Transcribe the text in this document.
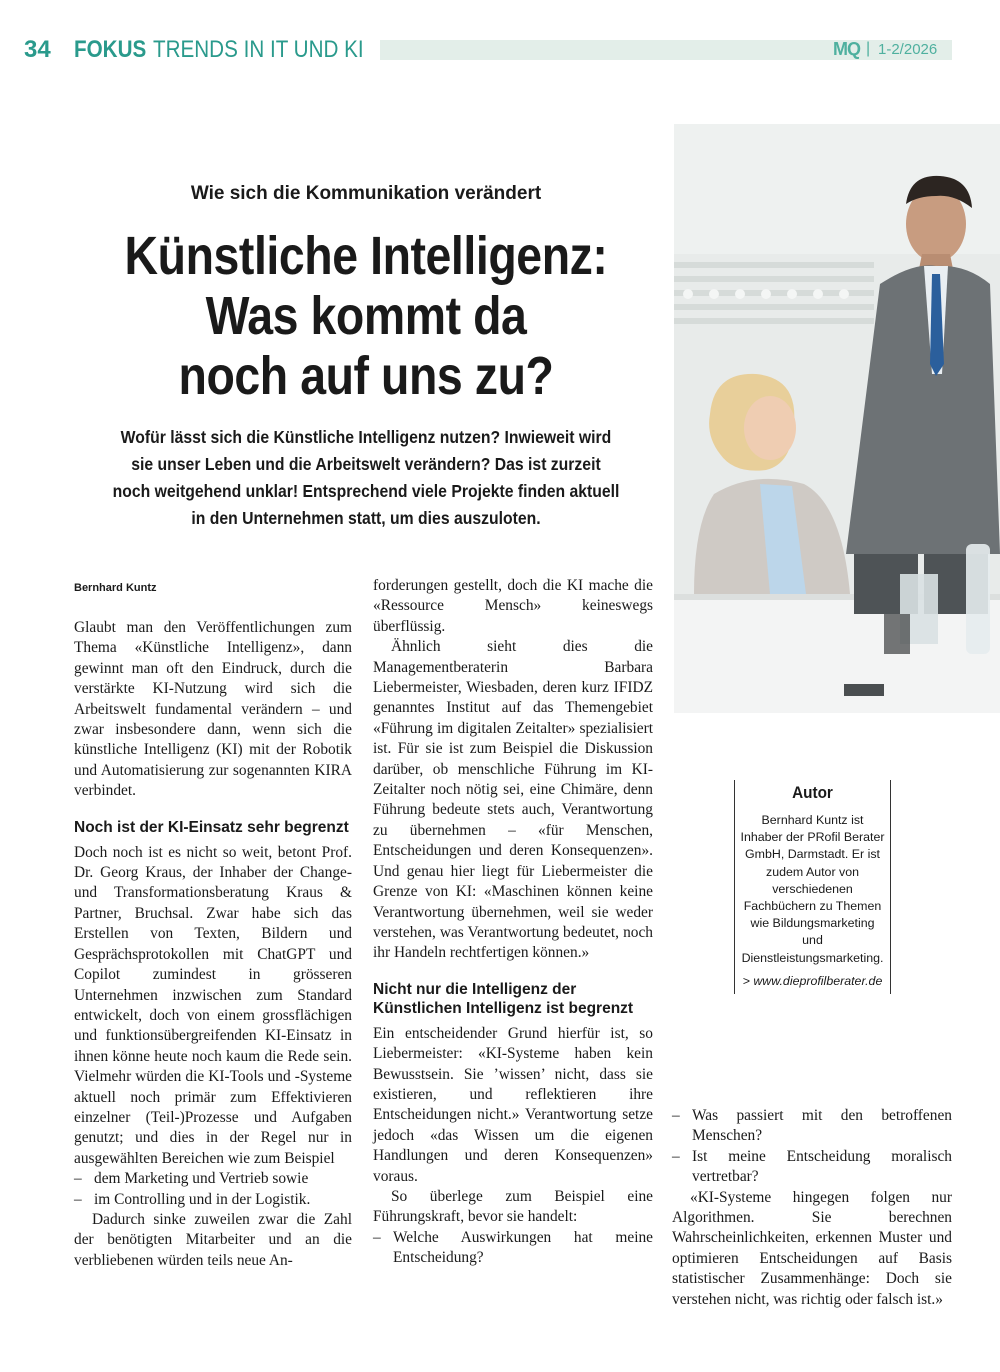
34 FOKUS TRENDS IN IT UND KI	MQ | 1-2/2026
Wie sich die Kommunikation verändert
Künstliche Intelligenz:
Was kommt da
noch auf uns zu?
Wofür lässt sich die Künstliche Intelligenz nutzen? Inwieweit wird
sie unser Leben und die Arbeitswelt verändern? Das ist zurzeit
noch weitgehend unklar! Entsprechend viele Projekte finden aktuell
in den Unternehmen statt, um dies auszuloten.
Bernhard Kuntz

Glaubt man den Veröffentlichungen zum Thema «Künstliche Intelligenz», dann gewinnt man oft den Eindruck, durch die verstärkte KI-Nutzung wird sich die Arbeitswelt fundamental verändern – und zwar insbesondere dann, wenn sich die künstliche Intelligenz (KI) mit der Robotik und Automatisierung zur sogenannten KIRA verbindet.

Noch ist der KI-Einsatz sehr begrenzt

Doch noch ist es nicht so weit, betont Prof. Dr. Georg Kraus, der Inhaber der Change- und Transformationsberatung Kraus & Partner, Bruchsal. Zwar habe sich das Erstellen von Texten, Bildern und Gesprächsprotokollen mit ChatGPT und Copilot zumindest in grösseren Unternehmen inzwischen zum Standard entwickelt, doch von einem grossflächigen und funktionsübergreifenden KI-Einsatz in ihnen könne heute noch kaum die Rede sein. Vielmehr würden die KI-Tools und -Systeme aktuell noch primär zum Effektivieren einzelner (Teil-)Prozesse und Aufgaben genutzt; und dies in der Regel nur in ausgewählten Bereichen wie zum Beispiel

– dem Marketing und Vertrieb sowie
– im Controlling und in der Logistik.

Dadurch sinke zuweilen zwar die Zahl der benötigten Mitarbeiter und an die verbliebenen würden teils neue An-

forderungen gestellt, doch die KI mache die «Ressource Mensch» keineswegs überflüssig.

Ähnlich sieht dies die Managementberaterin Barbara Liebermeister, Wiesbaden, deren kurz IFIDZ genanntes Institut auf das Themengebiet «Führung im digitalen Zeitalter» spezialisiert ist. Für sie ist zum Beispiel die Diskussion darüber, ob menschliche Führung im KI-Zeitalter noch nötig sei, eine Chimäre, denn Führung bedeute stets auch, Verantwortung zu übernehmen – «für Menschen, Entscheidungen und deren Konsequenzen». Und genau hier liegt für Liebermeister die Grenze von KI: «Maschinen können keine Verantwortung übernehmen, weil sie weder verstehen, was Verantwortung bedeutet, noch ihr Handeln rechtfertigen können.»

Nicht nur die Intelligenz der Künstlichen Intelligenz ist begrenzt

Ein entscheidender Grund hierfür ist, so Liebermeister: «KI-Systeme haben kein Bewusstsein. Sie ’wissen’ nicht, dass sie existieren, und reflektieren ihre Entscheidungen nicht.» Verantwortung setze jedoch «das Wissen um die eigenen Handlungen und deren Konsequenzen» voraus.

So überlege zum Beispiel eine Führungskraft, bevor sie handelt:

– Welche Auswirkungen hat meine Entscheidung?
Autor
Bernhard Kuntz ist Inhaber der PRofil Berater GmbH, Darmstadt. Er ist zudem Autor von verschiedenen Fachbüchern zu Themen wie Bildungsmarketing und Dienstleistungsmarketing.
> www.dieprofilberater.de
– Was passiert mit den betroffenen Menschen?
– Ist meine Entscheidung moralisch vertretbar?

«KI-Systeme hingegen folgen nur Algorithmen. Sie berechnen Wahrscheinlichkeiten, erkennen Muster und optimieren Entscheidungen auf Basis statistischer Zusammenhänge: Doch sie verstehen nicht, was richtig oder falsch ist.»
